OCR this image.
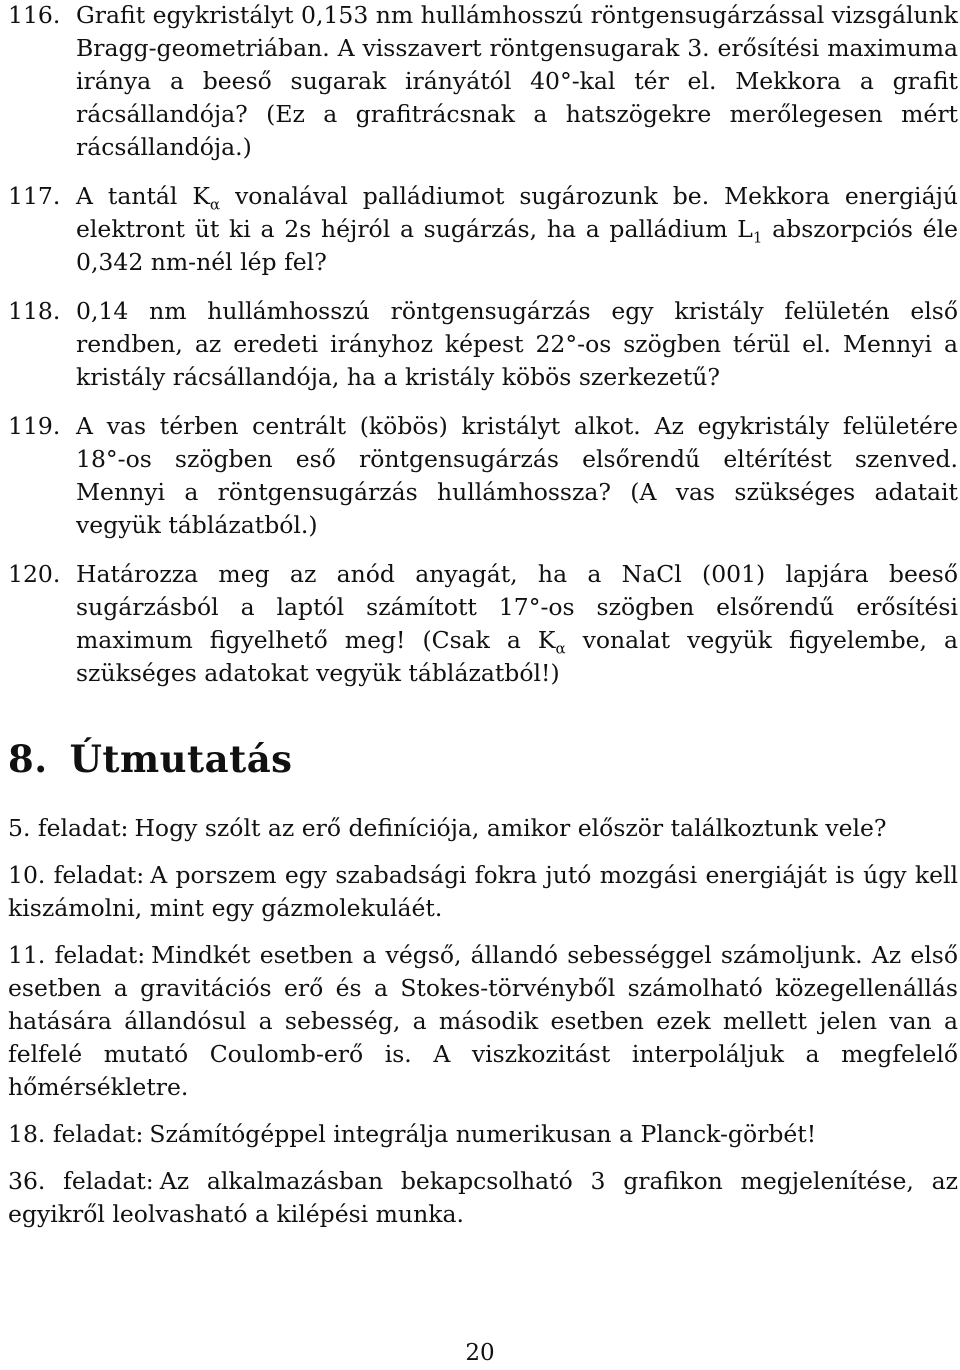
116. Grafit egykristályt 0,153 nm hullámhosszú röntgensugárzással vizsgálunk Bragg-geometriában. A visszavert röntgensugarak 3. erősítési maximuma iránya a beeső sugarak irányától 40°-kal tér el. Mekkora a grafit rácsállandója? (Ez a grafitrácsnak a hatszögekre merőlegesen mért rácsállandója.)
117. A tantál $K_\alpha$ vonalával palládiumot sugározunk be. Mekkora energiájú elektront üt ki a 2s héjról a sugárzás, ha a palládium $L_1$ abszorpciós éle 0,342 nm-nél lép fel?
118. 0,14 nm hullámhosszú röntgensugárzás egy kristály felületén első rendben, az eredeti irányhoz képest 22°-os szögben térül el. Mennyi a kristály rácsállandója, ha a kristály köbös szerkezetű?
119. A vas térben centrált (köbös) kristályt alkot. Az egykristály felületére 18°-os szögben eső röntgensugárzás elsőrendű eltérítést szenved. Mennyi a röntgensugárzás hullámhossza? (A vas szükséges adatait vegyük táblázatból.)
120. Határozza meg az anód anyagát, ha a NaCl (001) lapjára beeső sugárzásból a laptól számított 17°-os szögben elsőrendű erősítési maximum figyelhető meg! (Csak a $K_\alpha$ vonalat vegyük figyelembe, a szükséges adatokat vegyük táblázatból!)
8. Útmutatás
5. feladat: Hogy szólt az erő definíciója, amikor először találkoztunk vele?
10. feladat: A porszem egy szabadsági fokra jutó mozgási energiáját is úgy kell kiszámolni, mint egy gázmolekuláét.
11. feladat: Mindkét esetben a végső, állandó sebességgel számoljunk. Az első esetben a gravitációs erő és a Stokes-törvényből számolható közegellenállás hatására állandósul a sebesség, a második esetben ezek mellett jelen van a felfelé mutató Coulomb-erő is. A viszkozitást interpoláljuk a megfelelő hőmérsékletre.
18. feladat: Számítógéppel integrálja numerikusan a Planck-görbét!
36. feladat: Az alkalmazásban bekapcsolható 3 grafikon megjelenítése, az egyikről leolvasható a kilépési munka.
20
